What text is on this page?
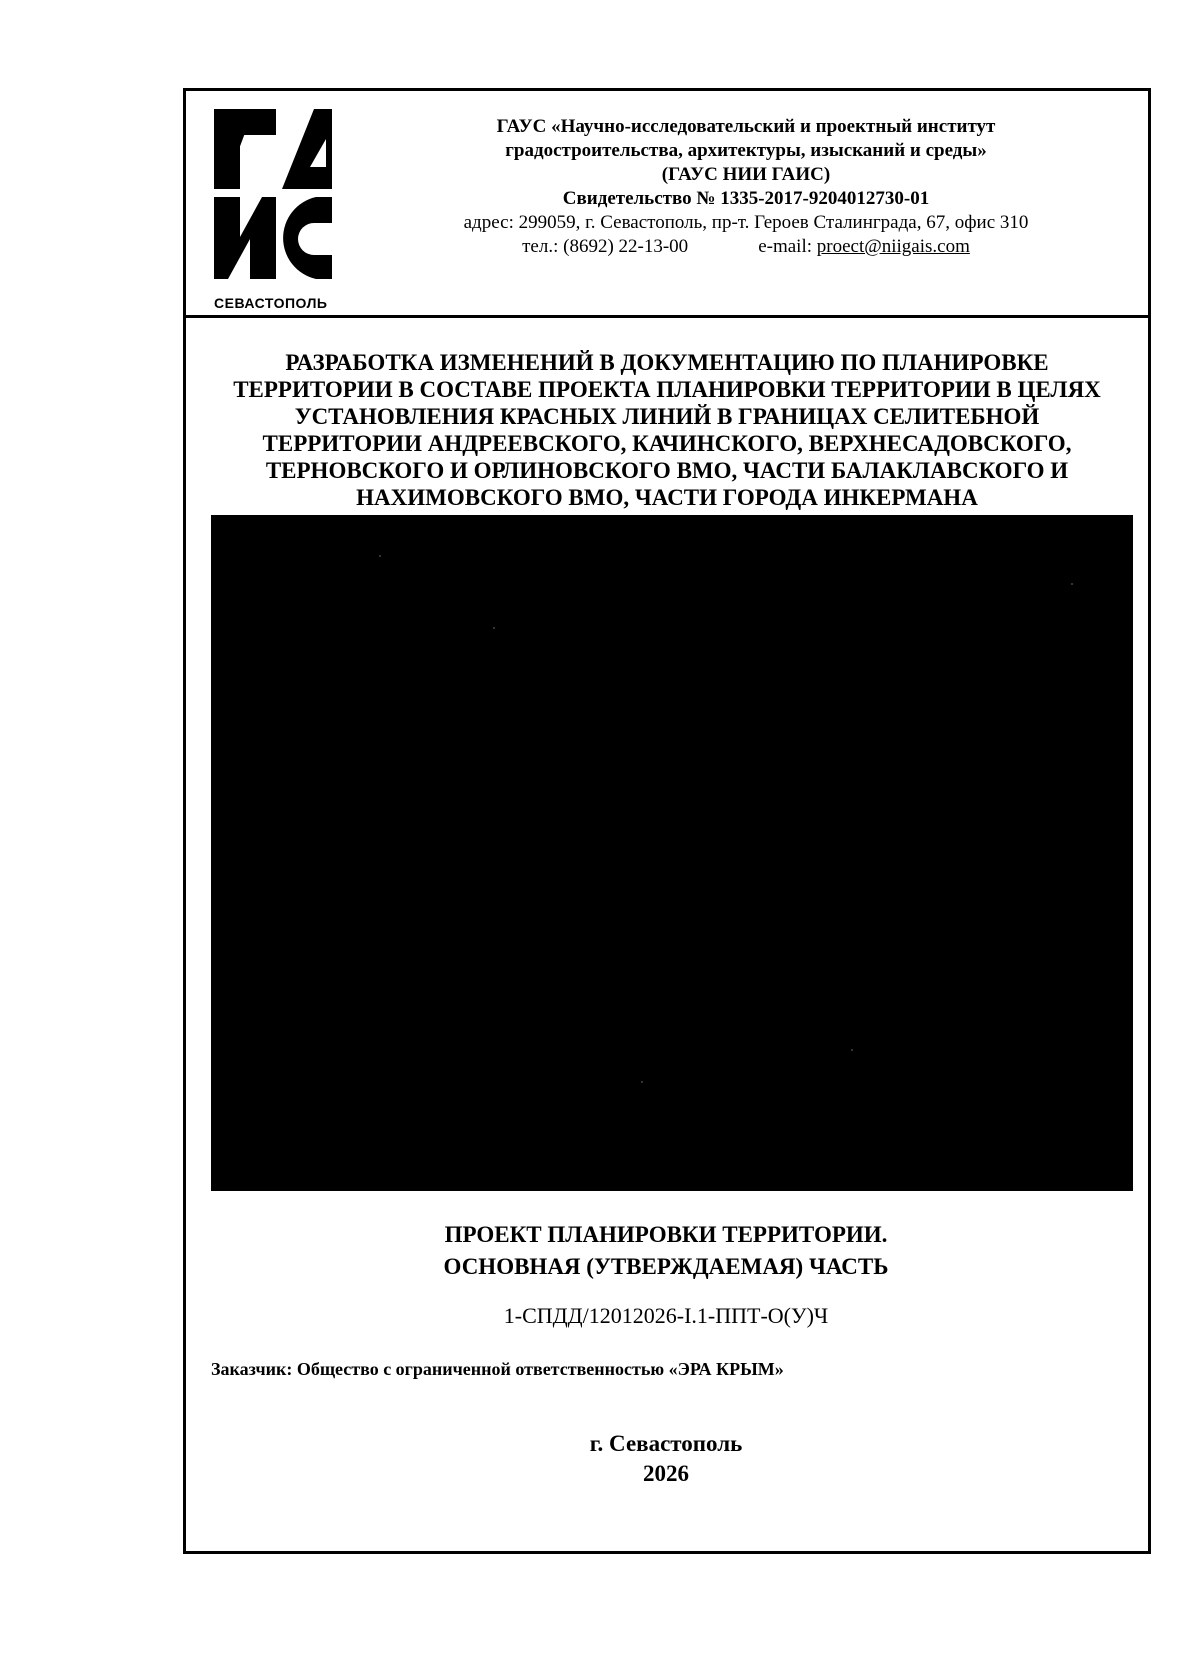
СЕВАСТОПОЛЬ
ГАУС «Научно-исследовательский и проектный институт
градостроительства, архитектуры, изысканий и среды»
(ГАУС НИИ ГАИС)
Свидетельство № 1335-2017-9204012730-01
адрес: 299059, г. Севастополь, пр-т. Героев Сталинграда, 67, офис 310
тел.: (8692) 22-13-00	e-mail: proect@niigais.com
РАЗРАБОТКА ИЗМЕНЕНИЙ В ДОКУМЕНТАЦИЮ ПО ПЛАНИРОВКЕ
ТЕРРИТОРИИ В СОСТАВЕ ПРОЕКТА ПЛАНИРОВКИ ТЕРРИТОРИИ В ЦЕЛЯХ
УСТАНОВЛЕНИЯ КРАСНЫХ ЛИНИЙ В ГРАНИЦАХ СЕЛИТЕБНОЙ
ТЕРРИТОРИИ АНДРЕЕВСКОГО, КАЧИНСКОГО, ВЕРХНЕСАДОВСКОГО,
ТЕРНОВСКОГО И ОРЛИНОВСКОГО ВМО, ЧАСТИ БАЛАКЛАВСКОГО И
НАХИМОВСКОГО ВМО, ЧАСТИ ГОРОДА ИНКЕРМАНА
ПРОЕКТ ПЛАНИРОВКИ ТЕРРИТОРИИ.
ОСНОВНАЯ (УТВЕРЖДАЕМАЯ) ЧАСТЬ
1-СПДД/12012026-I.1-ППТ-О(У)Ч
Заказчик: Общество с ограниченной ответственностью «ЭРА КРЫМ»
г. Севастополь
2026
